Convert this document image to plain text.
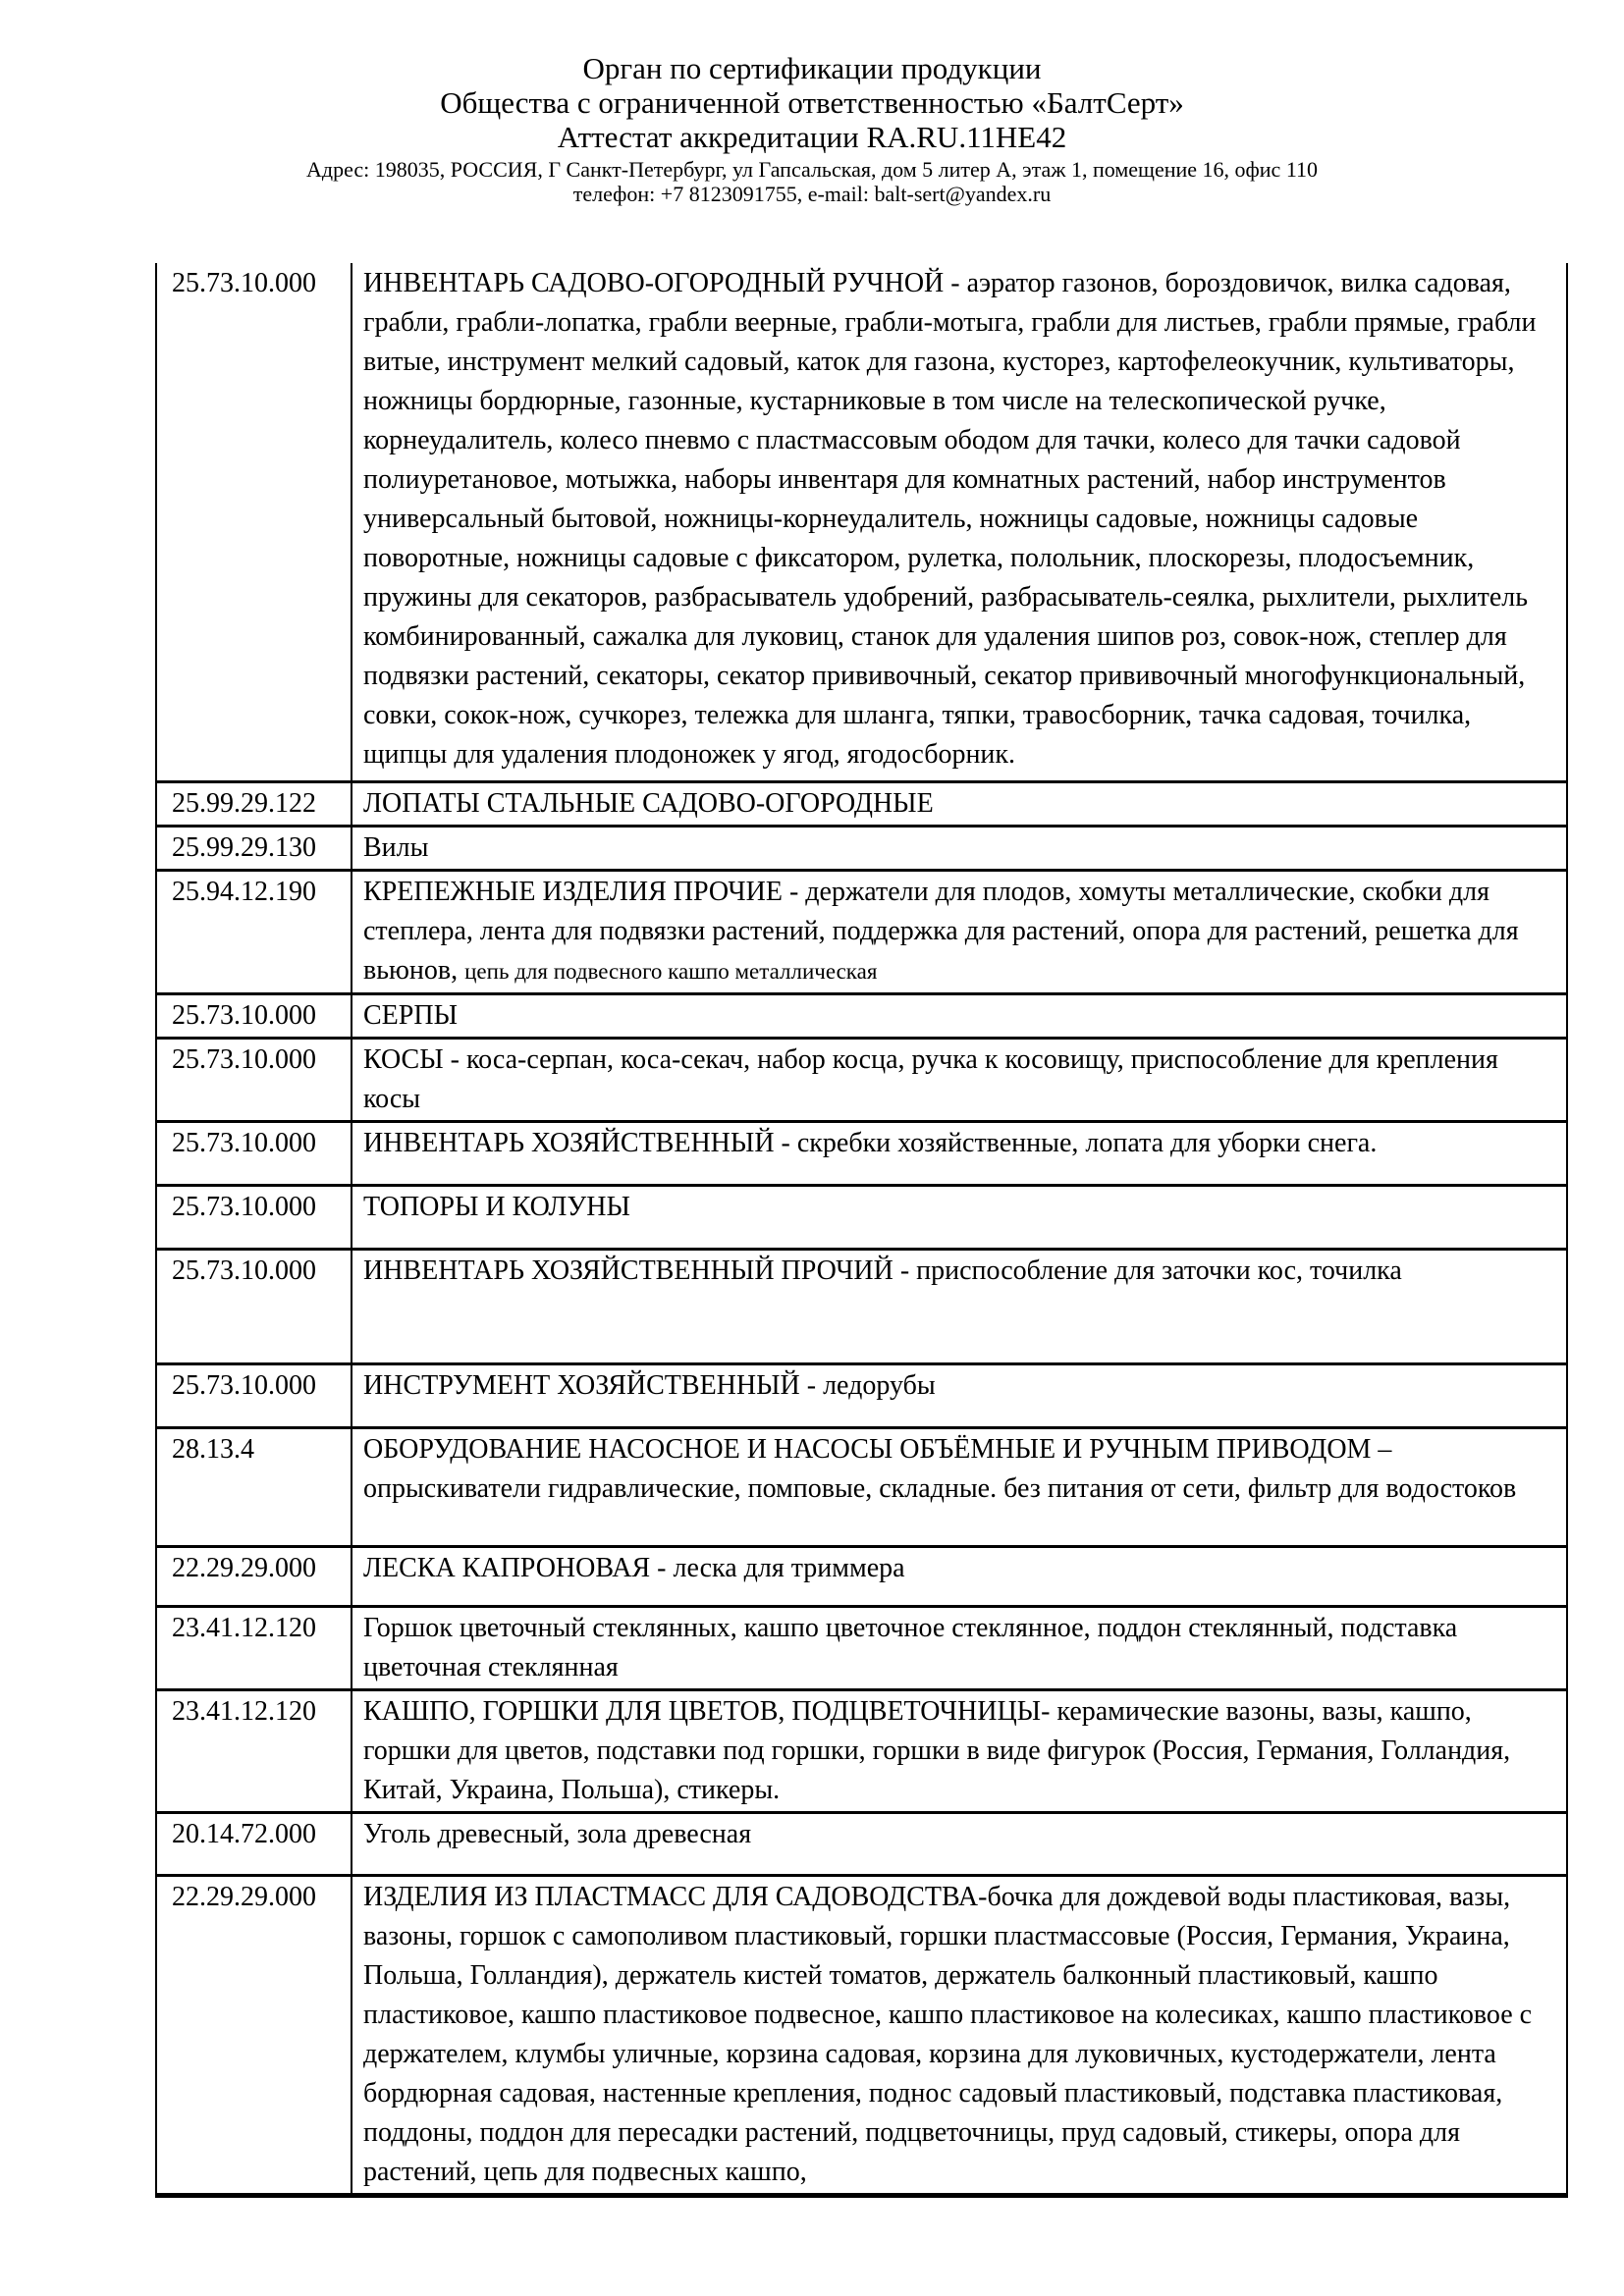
Орган по сертификации продукции
Общества с ограниченной ответственностью «БалтСерт»
Аттестат аккредитации RA.RU.11НЕ42
Адрес: 198035, РОССИЯ, Г Санкт-Петербург, ул Гапсальская, дом 5 литер А, этаж 1, помещение 16, офис 110
телефон: +7 8123091755, e-mail: balt-sert@yandex.ru
25.73.10.000	ИНВЕНТАРЬ САДОВО-ОГОРОДНЫЙ РУЧНОЙ - аэратор газонов, бороздовичок, вилка садовая, грабли, грабли-лопатка, грабли веерные, грабли-мотыга, грабли для листьев, грабли прямые, грабли витые, инструмент мелкий садовый, каток для газона, кусторез, картофелеокучник, культиваторы, ножницы бордюрные, газонные, кустарниковые в том числе на телескопической ручке, корнеудалитель, колесо пневмо с пластмассовым ободом для тачки, колесо для тачки садовой полиуретановое, мотыжка, наборы инвентаря для комнатных растений, набор инструментов универсальный бытовой, ножницы-корнеудалитель, ножницы садовые, ножницы садовые поворотные, ножницы садовые с фиксатором, рулетка, полольник, плоскорезы, плодосъемник, пружины для секаторов, разбрасыватель удобрений, разбрасыватель-сеялка, рыхлители, рыхлитель комбинированный, сажалка для луковиц, станок для удаления шипов роз, совок-нож, степлер для подвязки растений, секаторы, секатор прививочный, секатор прививочный многофункциональный, совки, сокок-нож, сучкорез, тележка для шланга, тяпки, травосборник, тачка садовая, точилка, щипцы для удаления плодоножек у ягод, ягодосборник.
25.99.29.122	ЛОПАТЫ СТАЛЬНЫЕ САДОВО-ОГОРОДНЫЕ
25.99.29.130	Вилы
25.94.12.190	КРЕПЕЖНЫЕ ИЗДЕЛИЯ ПРОЧИЕ - держатели для плодов, хомуты металлические, скобки для степлера, лента для подвязки растений, поддержка для растений, опора для растений, решетка для вьюнов, цепь для подвесного кашпо металлическая
25.73.10.000	СЕРПЫ
25.73.10.000	КОСЫ - коса-серпан, коса-секач, набор косца, ручка к косовищу, приспособление для крепления косы
25.73.10.000	ИНВЕНТАРЬ ХОЗЯЙСТВЕННЫЙ - скребки хозяйственные, лопата для уборки снега.
25.73.10.000	ТОПОРЫ И КОЛУНЫ
25.73.10.000	ИНВЕНТАРЬ ХОЗЯЙСТВЕННЫЙ ПРОЧИЙ - приспособление для заточки кос, точилка
25.73.10.000	ИНСТРУМЕНТ ХОЗЯЙСТВЕННЫЙ - ледорубы
28.13.4	ОБОРУДОВАНИЕ НАСОСНОЕ И НАСОСЫ ОБЪЁМНЫЕ И РУЧНЫМ ПРИВОДОМ – опрыскиватели гидравлические, помповые, складные. без питания от сети, фильтр для водостоков
22.29.29.000	ЛЕСКА КАПРОНОВАЯ - леска для триммера
23.41.12.120	Горшок цветочный стеклянных, кашпо цветочное стеклянное, поддон стеклянный, подставка цветочная стеклянная
23.41.12.120	КАШПО, ГОРШКИ ДЛЯ ЦВЕТОВ, ПОДЦВЕТОЧНИЦЫ- керамические вазоны, вазы, кашпо, горшки для цветов, подставки под горшки, горшки в виде фигурок (Россия, Германия, Голландия, Китай, Украина, Польша), стикеры.
20.14.72.000	Уголь древесный, зола древесная
22.29.29.000	ИЗДЕЛИЯ ИЗ ПЛАСТМАСС ДЛЯ САДОВОДСТВА-бочка для дождевой воды пластиковая, вазы, вазоны, горшок с самополивом пластиковый, горшки пластмассовые (Россия, Германия, Украина, Польша, Голландия), держатель кистей томатов, держатель балконный пластиковый, кашпо пластиковое, кашпо пластиковое подвесное, кашпо пластиковое на колесиках, кашпо пластиковое с держателем, клумбы уличные, корзина садовая, корзина для луковичных, кустодержатели, лента бордюрная садовая, настенные крепления, поднос садовый пластиковый, подставка пластиковая, поддоны, поддон для пересадки растений, подцветочницы, пруд садовый, стикеры, опора для растений, цепь для подвесных кашпо,
